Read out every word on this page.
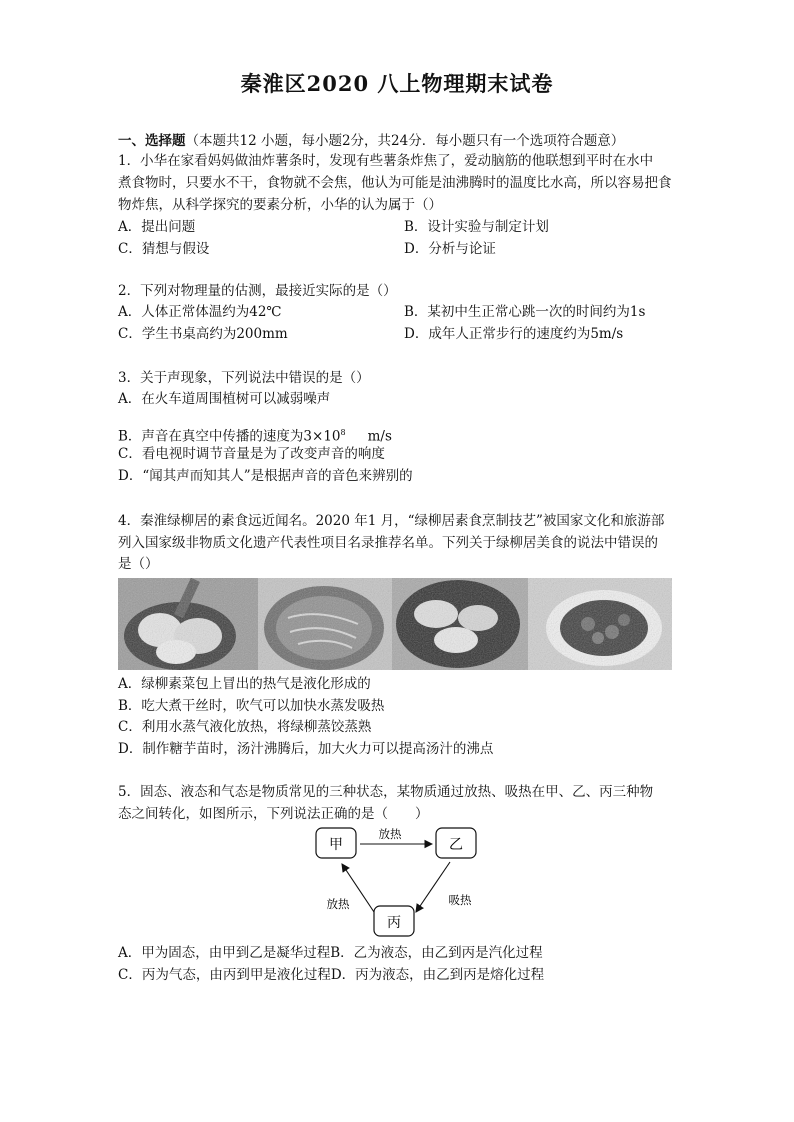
秦淮区2020 八上物理期末试卷
一、选择题（本题共12 小题，每小题2分，共24分．每小题只有一个选项符合题意）
1．小华在家看妈妈做油炸薯条时，发现有些薯条炸焦了，爱动脑筋的他联想到平时在水中
煮食物时，只要水不干，食物就不会焦，他认为可能是油沸腾时的温度比水高，所以容易把食
物炸焦，从科学探究的要素分析，小华的认为属于（）
A．提出问题	B．设计实验与制定计划
C．猜想与假设	D．分析与论证
2．下列对物理量的估测，最接近实际的是（）
A．人体正常体温约为42℃	B．某初中生正常心跳一次的时间约为1s
C．学生书桌高约为200mm	D．成年人正常步行的速度约为5m/s
3．关于声现象，下列说法中错误的是（）
A．在火车道周围植树可以减弱噪声
B．声音在真空中传播的速度为$3\times 10^8$ m/s
C．看电视时调节音量是为了改变声音的响度
D．“闻其声而知其人”是根据声音的音色来辨别的
4．秦淮绿柳居的素食远近闻名。2020 年1 月，“绿柳居素食烹制技艺”被国家文化和旅游部
列入国家级非物质文化遗产代表性项目名录推荐名单。下列关于绿柳居美食的说法中错误的
是（）
A．绿柳素菜包上冒出的热气是液化形成的
B．吃大煮干丝时，吹气可以加快水蒸发吸热
C．利用水蒸气液化放热，将绿柳蒸饺蒸熟
D．制作糖芋苗时，汤汁沸腾后，加大火力可以提高汤汁的沸点
5．固态、液态和气态是物质常见的三种状态，某物质通过放热、吸热在甲、乙、丙三种物
态之间转化，如图所示，下列说法正确的是（　　）
甲	乙
丙
放热
吸热
放热
A．甲为固态，由甲到乙是凝华过程B．乙为液态，由乙到丙是汽化过程
C．丙为气态，由丙到甲是液化过程D．丙为液态，由乙到丙是熔化过程
